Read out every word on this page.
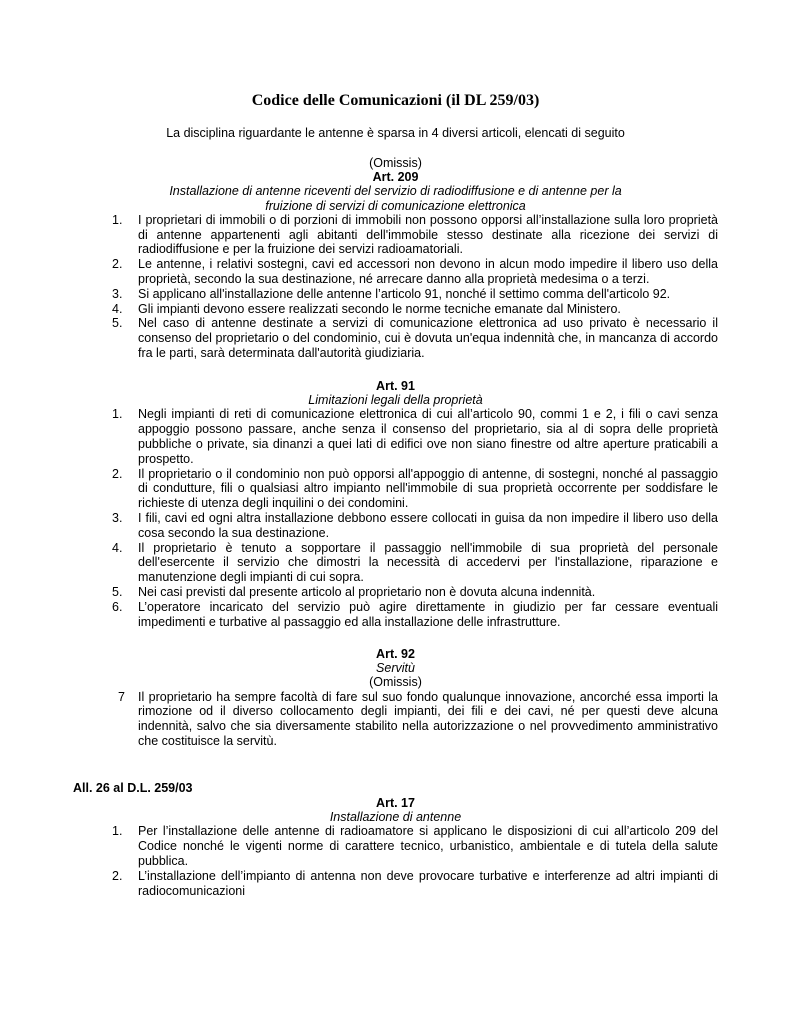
Codice delle Comunicazioni (il DL 259/03)
La disciplina riguardante le antenne è sparsa in 4 diversi articoli, elencati di seguito
(Omissis)
Art. 209
Installazione di antenne riceventi del servizio di radiodiffusione e di antenne per la
fruizione di servizi di comunicazione elettronica
1. I proprietari di immobili o di porzioni di immobili non possono opporsi all’installazione sulla loro proprietà di antenne appartenenti agli abitanti dell'immobile stesso destinate alla ricezione dei servizi di radiodiffusione e per la fruizione dei servizi radioamatoriali.
2. Le antenne, i relativi sostegni, cavi ed accessori non devono in alcun modo impedire il libero uso della proprietà, secondo la sua destinazione, né arrecare danno alla proprietà medesima o a terzi.
3. Si applicano all'installazione delle antenne l’articolo 91, nonché il settimo comma dell'articolo 92.
4. Gli impianti devono essere realizzati secondo le norme tecniche emanate dal Ministero.
5. Nel caso di antenne destinate a servizi di comunicazione elettronica ad uso privato è necessario il consenso del proprietario o del condominio, cui è dovuta un'equa indennità che, in mancanza di accordo fra le parti, sarà determinata dall'autorità giudiziaria.
Art. 91
Limitazioni legali della proprietà
1. Negli impianti di reti di comunicazione elettronica di cui all’articolo 90, commi 1 e 2, i fili o cavi senza appoggio possono passare, anche senza il consenso del proprietario, sia al di sopra delle proprietà pubbliche o private, sia dinanzi a quei lati di edifici ove non siano finestre od altre aperture praticabili a prospetto.
2. Il proprietario o il condominio non può opporsi all'appoggio di antenne, di sostegni, nonché al passaggio di condutture, fili o qualsiasi altro impianto nell'immobile di sua proprietà occorrente per soddisfare le richieste di utenza degli inquilini o dei condomini.
3. I fili, cavi ed ogni altra installazione debbono essere collocati in guisa da non impedire il libero uso della cosa secondo la sua destinazione.
4. Il proprietario è tenuto a sopportare il passaggio nell'immobile di sua proprietà del personale dell'esercente il servizio che dimostri la necessità di accedervi per l'installazione, riparazione e manutenzione degli impianti di cui sopra.
5. Nei casi previsti dal presente articolo al proprietario non è dovuta alcuna indennità.
6. L’operatore incaricato del servizio può agire direttamente in giudizio per far cessare eventuali impedimenti e turbative al passaggio ed alla installazione delle infrastrutture.
Art. 92
Servitù
(Omissis)
7 Il proprietario ha sempre facoltà di fare sul suo fondo qualunque innovazione, ancorché essa importi la rimozione od il diverso collocamento degli impianti, dei fili e dei cavi, né per questi deve alcuna indennità, salvo che sia diversamente stabilito nella autorizzazione o nel provvedimento amministrativo che costituisce la servitù.
All. 26 al D.L. 259/03
Art. 17
Installazione di antenne
1. Per l’installazione delle antenne di radioamatore si applicano le disposizioni di cui all’articolo 209 del Codice nonché le vigenti norme di carattere tecnico, urbanistico, ambientale e di tutela della salute pubblica.
2. L’installazione dell’impianto di antenna non deve provocare turbative e interferenze ad altri impianti di radiocomunicazioni
